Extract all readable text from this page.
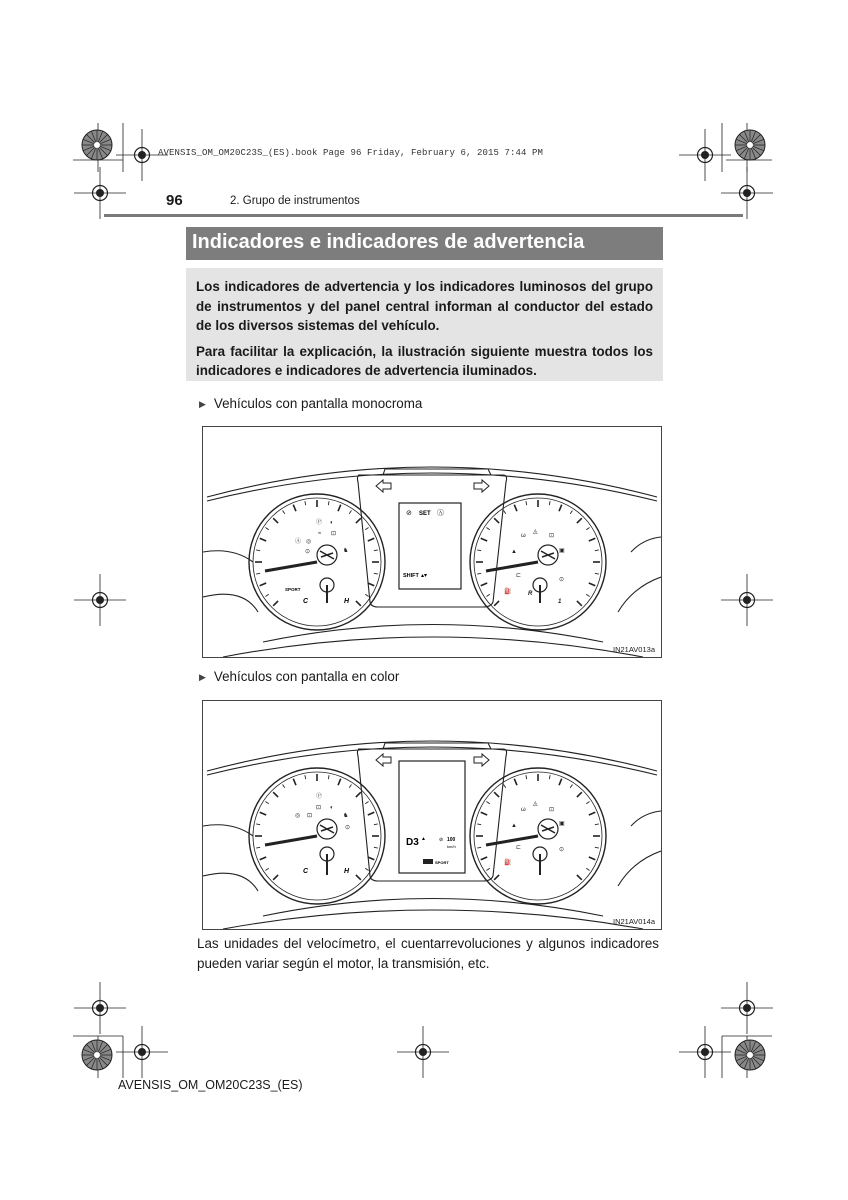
AVENSIS_OM_OM20C23S_(ES).book Page 96 Friday, February 6, 2015 7:44 PM
96	2. Grupo de instrumentos
Indicadores e indicadores de advertencia

Los indicadores de advertencia y los indicadores luminosos del grupo de instrumentos y del panel central informan al conductor del estado de los diversos sistemas del vehículo.

Para facilitar la explicación, la ilustración siguiente muestra todos los indicadores e indicadores de advertencia iluminados.

▶ Vehículos con pantalla monocroma
⊘ SET Ⓐ
SHIFT ▴▾
C	H
SPORT
Ⓟ ◐
≈ ⊡
Ⓐ ◎
♞
⊙	▲
ω
◬
⊡
▣
⊏
⊙
⛽	R
1
IN21AV013a
▶ Vehículos con pantalla en color
D3 ▲	⊘ 100
km/h
SPORT
C	H
Ⓟ
⊡ ◐
◎ ⊡	♞
⊙	▲
ω
◬
⊡
▣
⊏	⊙
⛽
IN21AV014a
Las unidades del velocímetro, el cuentarrevoluciones y algunos indicadores pueden variar según el motor, la transmisión, etc.
AVENSIS_OM_OM20C23S_(ES)
